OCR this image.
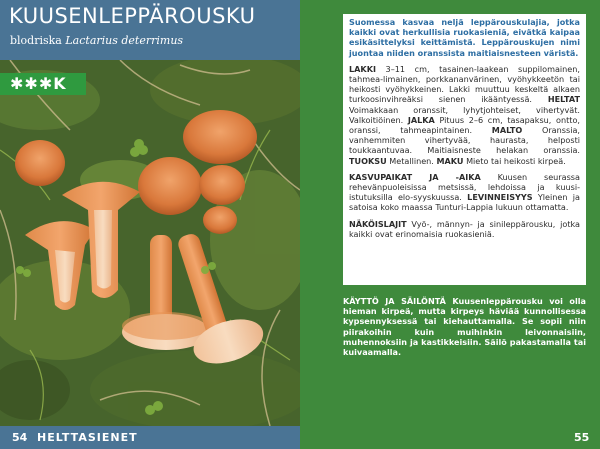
KUUSENLEPPÄROUSKU
blodriska Lactarius deterrimus
✱✱✱K
54 HELTTASIENET

Suomessa kasvaa neljä leppärouskulajia, jotka kaikki ovat herkullisia ruokasieniä, eivätkä kaipaa esikäsittelyksi keittämistä. Leppärouskujen nimi juontaa niiden oranssista maitiaisnesteen väristä.

LAKKI 3–11 cm, tasainen-laakean suppilomainen, tahmea-limainen, porkkananvärinen, vyöhykkeetön tai heikosti vyöhykkeinen. Lakki muuttuu keskeltä alkaen turkoosinvihreäksi sienen ikääntyessä. HELTAT Voimakkaan oranssit, lyhytjohteiset, vihertyvät. Valkoitiöinen. JALKA Pituus 2–6 cm, tasapaksu, ontto, oranssi, tahmeapintainen. MALTO Oranssia, vanhemmiten vihertyvää, haurasta, helposti toukkaantuvaa. Maitiaisneste helakan oranssia. TUOKSU Metallinen. MAKU Mieto tai heikosti kirpeä.

KASVUPAIKAT JA -AIKA Kuusen seurassa rehevänpuoleisissa metsissä, lehdoissa ja kuusi-istutuksilla elo-syyskuussa. LEVINNEISYYS Yleinen ja satoisa koko maassa Tunturi-Lappia lukuun ottamatta.

NÄKÖISLAJIT Vyö-, männyn- ja sinileppärousku, jotka kaikki ovat erinomaisia ruokasieniä.

KÄYTTÖ JA SÄILÖNTÄ Kuusenleppärousku voi olla hieman kirpeä, mutta kirpeys häviää kunnollisessa kypsennyksessä tai kiehauttamalla. Se sopii niin piirakoihin kuin muihinkin leivonnaisiin, muhennoksiin ja kastikkeisiin. Säilö pakastamalla tai kuivaamalla.

55
